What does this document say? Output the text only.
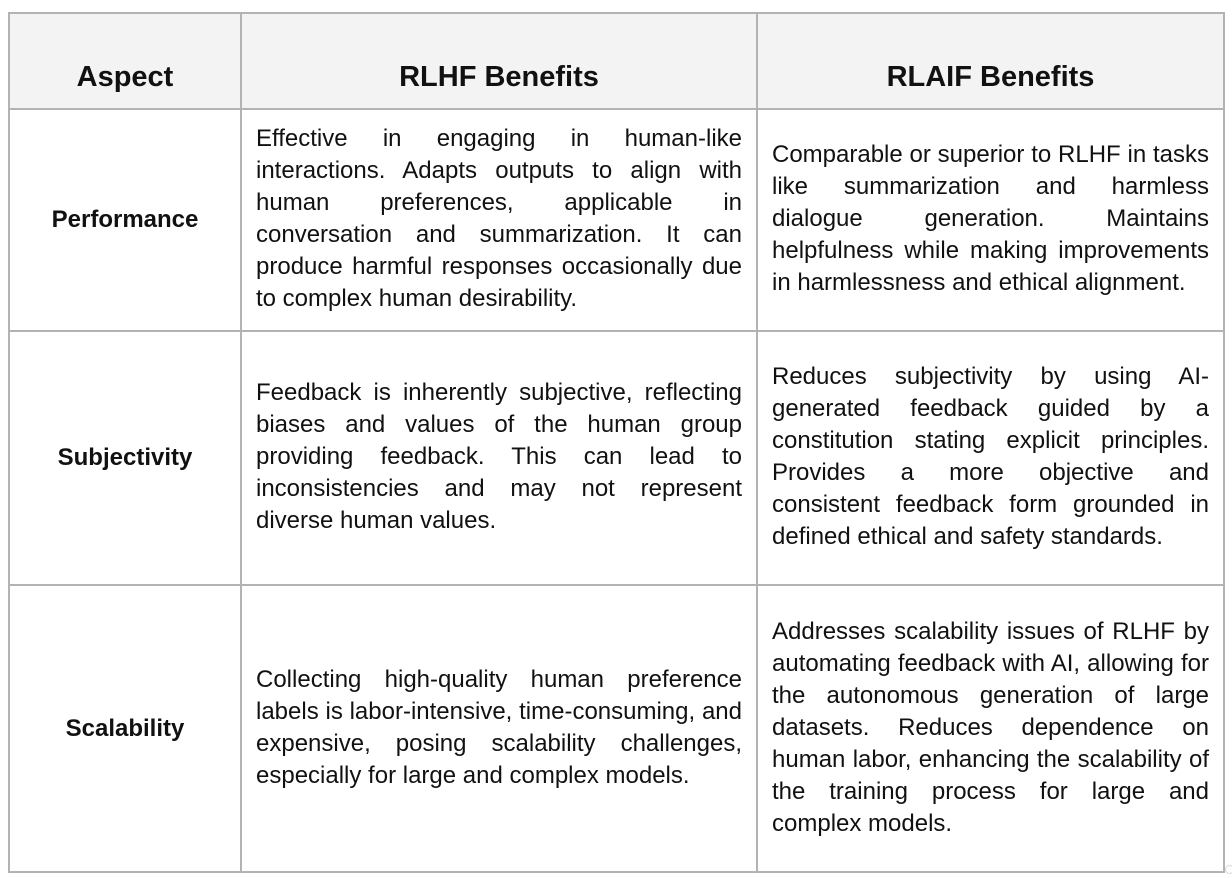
Aspect	RLHF Benefits	RLAIF Benefits
Performance	Effective in engaging in human-like interactions. Adapts outputs to align with human preferences, applicable in conversation and summarization. It can produce harmful responses occasionally due to complex human desirability.	Comparable or superior to RLHF in tasks like summarization and harmless dialogue generation. Maintains helpfulness while making improvements in harmlessness and ethical alignment.
Subjectivity	Feedback is inherently subjective, reflecting biases and values of the human group providing feedback. This can lead to inconsistencies and may not represent diverse human values.	Reduces subjectivity by using AI-generated feedback guided by a constitution stating explicit principles. Provides a more objective and consistent feedback form grounded in defined ethical and safety standards.
Scalability	Collecting high-quality human preference labels is labor-intensive, time-consuming, and expensive, posing scalability challenges, especially for large and complex models.	Addresses scalability issues of RLHF by automating feedback with AI, allowing for the autonomous generation of large datasets. Reduces dependence on human labor, enhancing the scalability of the training process for large and complex models.
